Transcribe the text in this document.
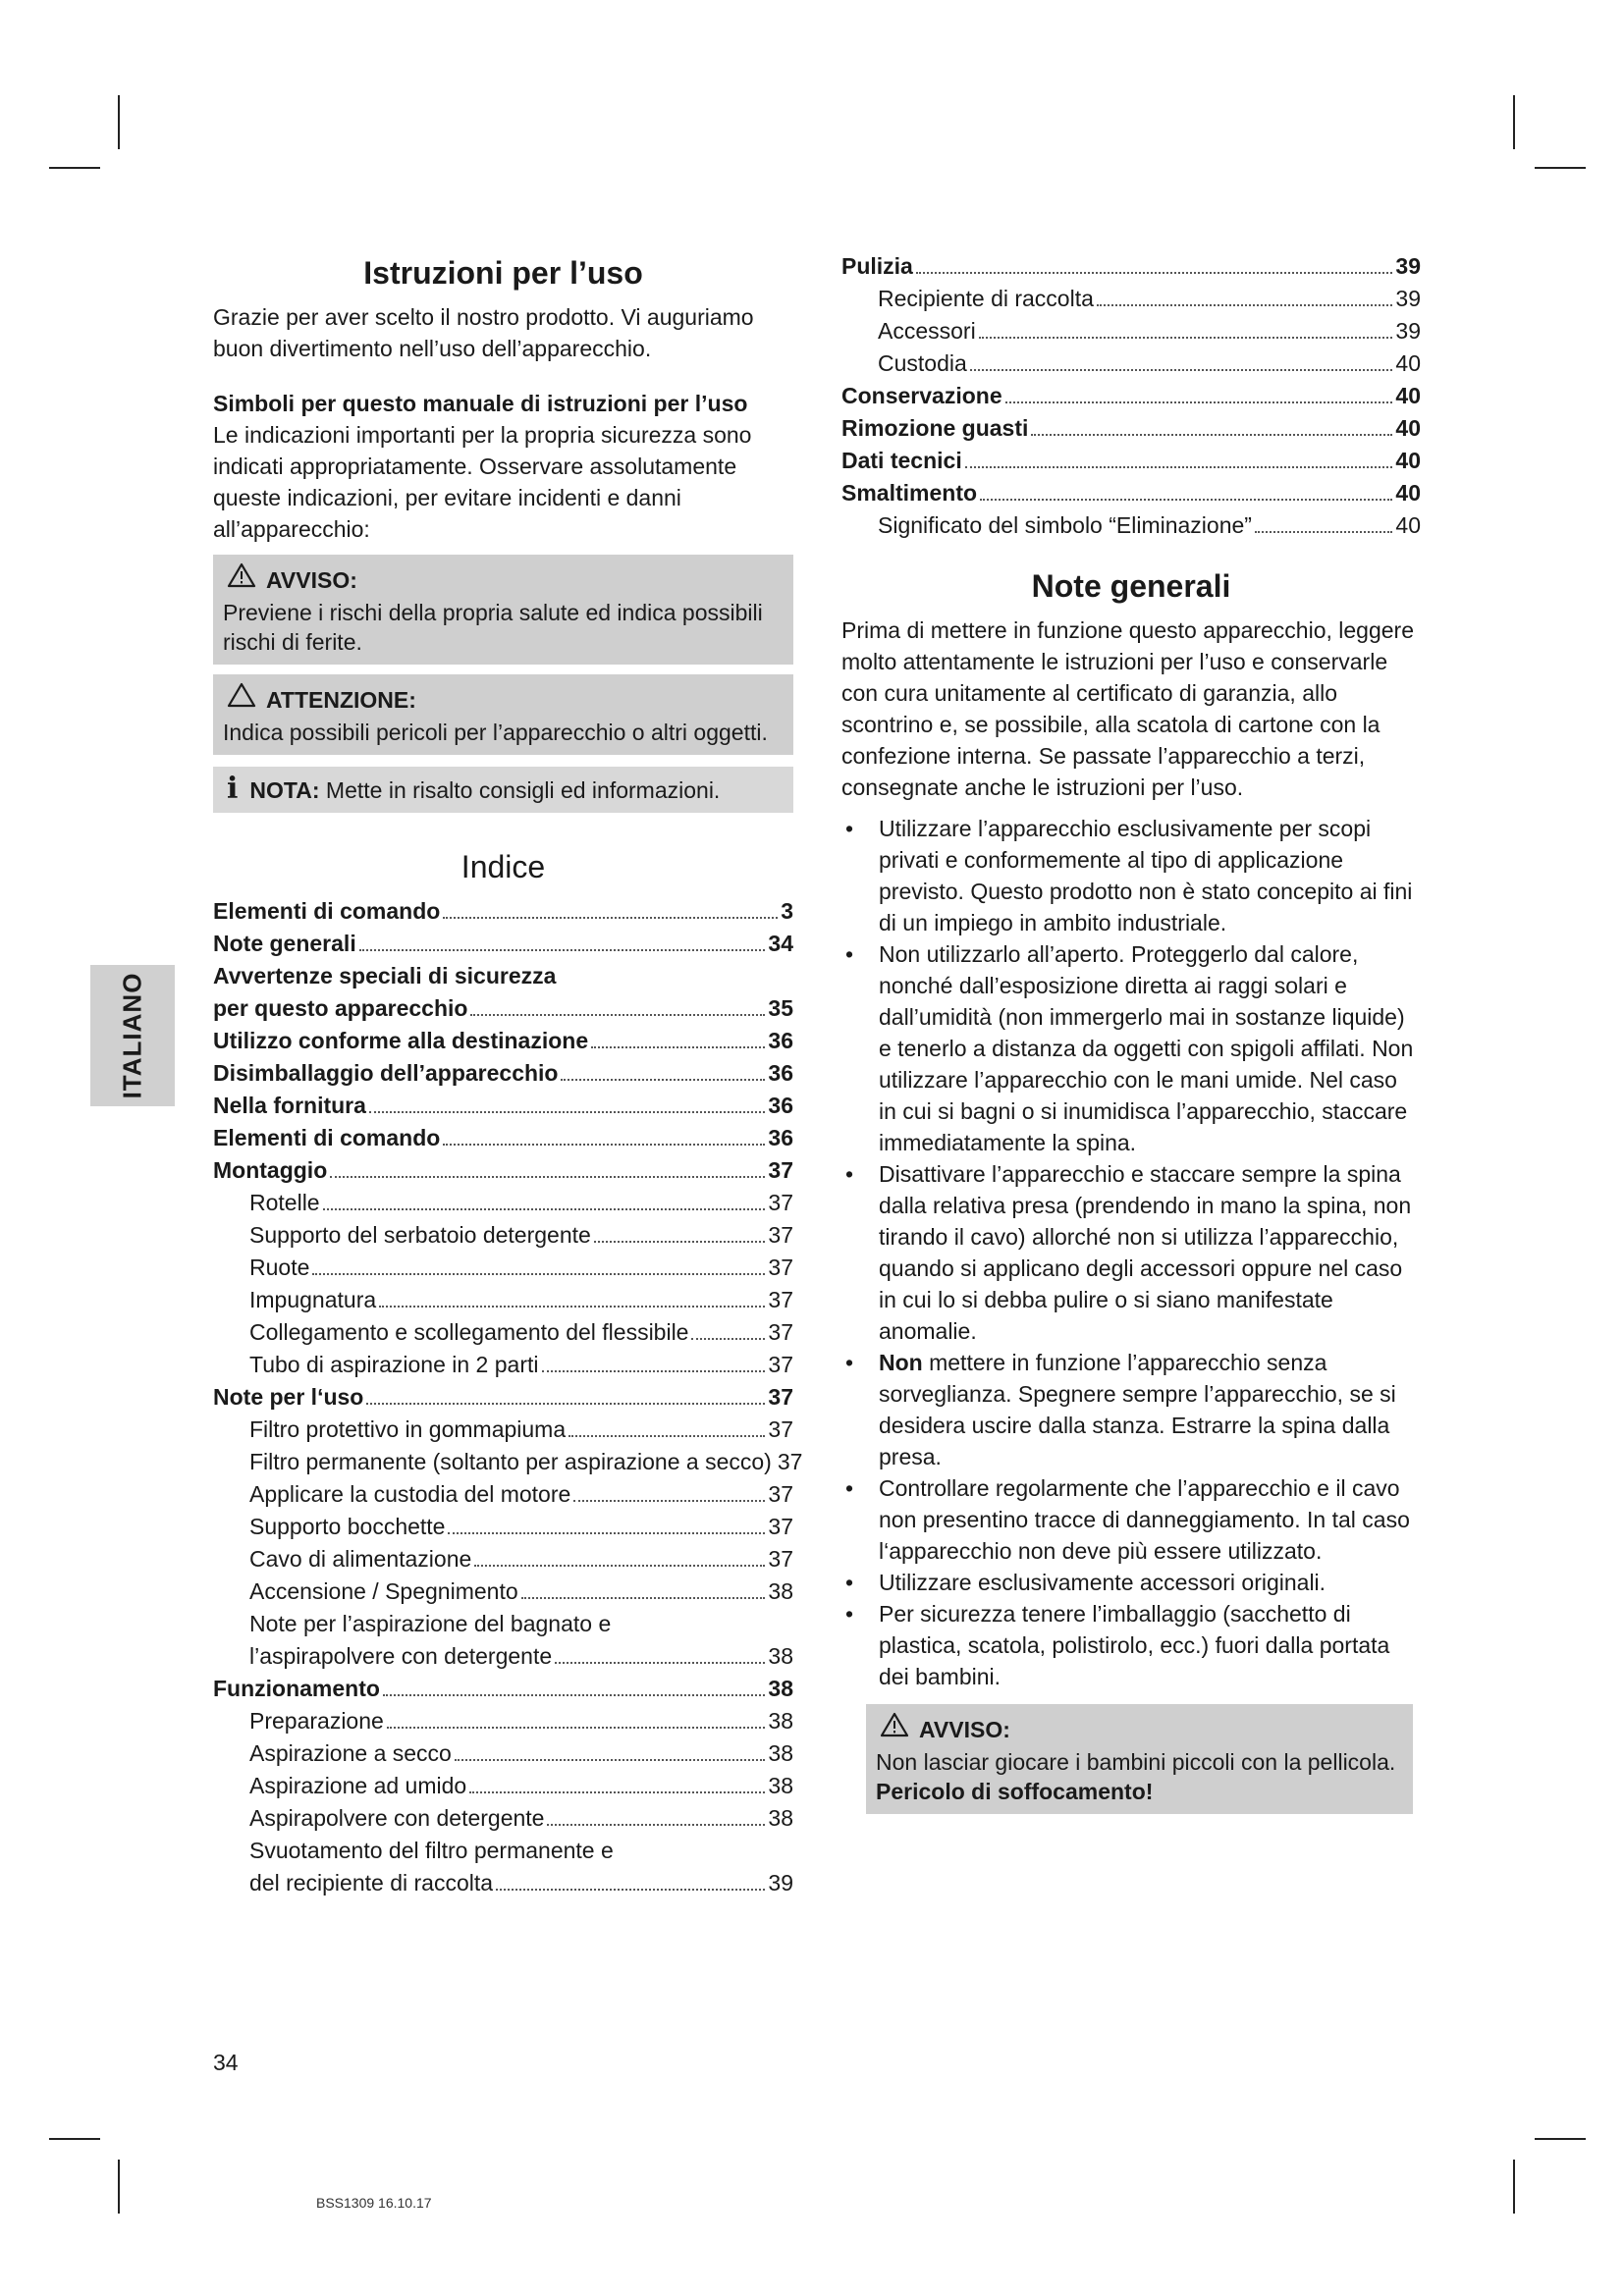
ITALIANO
Istruzioni per l’uso

Grazie per aver scelto il nostro prodotto. Vi auguriamo buon divertimento nell’uso dell’apparecchio.

Simboli per questo manuale di istruzioni per l’uso

Le indicazioni importanti per la propria sicurezza sono indicati appropriatamente. Osservare assolutamente queste indicazioni, per evitare incidenti e danni all’apparecchio:

AVVISO:
Previene i rischi della propria salute ed indica possibili rischi di ferite.
ATTENZIONE:
Indica possibili pericoli per l’apparecchio o altri oggetti.
i NOTA: Mette in risalto consigli ed informazioni.
Indice
Elementi di comando	3
Note generali	34
Avvertenze speciali di sicurezza
per questo apparecchio	35
Utilizzo conforme alla destinazione	36
Disimballaggio dell’apparecchio	36
Nella fornitura	36
Elementi di comando	36
Montaggio	37
Rotelle	37
Supporto del serbatoio detergente	37
Ruote	37
Impugnatura	37
Collegamento e scollegamento del flessibile	37
Tubo di aspirazione in 2 parti	37
Note per l‘uso	37
Filtro protettivo in gommapiuma	37
Filtro permanente (soltanto per aspirazione a secco) 37
Applicare la custodia del motore	37
Supporto bocchette	37
Cavo di alimentazione	37
Accensione / Spegnimento	38
Note per l’aspirazione del bagnato e
l’aspirapolvere con detergente	38
Funzionamento	38
Preparazione	38
Aspirazione a secco	38
Aspirazione ad umido	38
Aspirapolvere con detergente	38
Svuotamento del filtro permanente e
del recipiente di raccolta	39
Pulizia	39
Recipiente di raccolta	39
Accessori	39
Custodia	40
Conservazione	40
Rimozione guasti	40
Dati tecnici	40
Smaltimento	40
Significato del simbolo “Eliminazione”	40
Note generali

Prima di mettere in funzione questo apparecchio, leggere molto attentamente le istruzioni per l’uso e conservarle con cura unitamente al certificato di garanzia, allo scontrino e, se possibile, alla scatola di cartone con la confezione interna. Se passate l’apparecchio a terzi, consegnate anche le istruzioni per l’uso.

• Utilizzare l’apparecchio esclusivamente per scopi privati e conformemente al tipo di applicazione previsto. Questo prodotto non è stato concepito ai fini di un impiego in ambito industriale.
• Non utilizzarlo all’aperto. Proteggerlo dal calore, nonché dall’esposizione diretta ai raggi solari e dall’umidità (non immergerlo mai in sostanze liquide) e tenerlo a distanza da oggetti con spigoli affilati. Non utilizzare l’apparecchio con le mani umide. Nel caso in cui si bagni o si inumidisca l’apparecchio, staccare immediatamente la spina.
• Disattivare l’apparecchio e staccare sempre la spina dalla relativa presa (prendendo in mano la spina, non tirando il cavo) allorché non si utilizza l’apparecchio, quando si applicano degli accessori oppure nel caso in cui lo si debba pulire o si siano manifestate anomalie.
• Non mettere in funzione l’apparecchio senza sorveglianza. Spegnere sempre l’apparecchio, se si desidera uscire dalla stanza. Estrarre la spina dalla presa.
• Controllare regolarmente che l’apparecchio e il cavo non presentino tracce di danneggiamento. In tal caso l‘apparecchio non deve più essere utilizzato.
• Utilizzare esclusivamente accessori originali.
• Per sicurezza tenere l’imballaggio (sacchetto di plastica, scatola, polistirolo, ecc.) fuori dalla portata dei bambini.
AVVISO:
Non lasciar giocare i bambini piccoli con la pellicola.
Pericolo di soffocamento!
34
BSS1309 16.10.17
